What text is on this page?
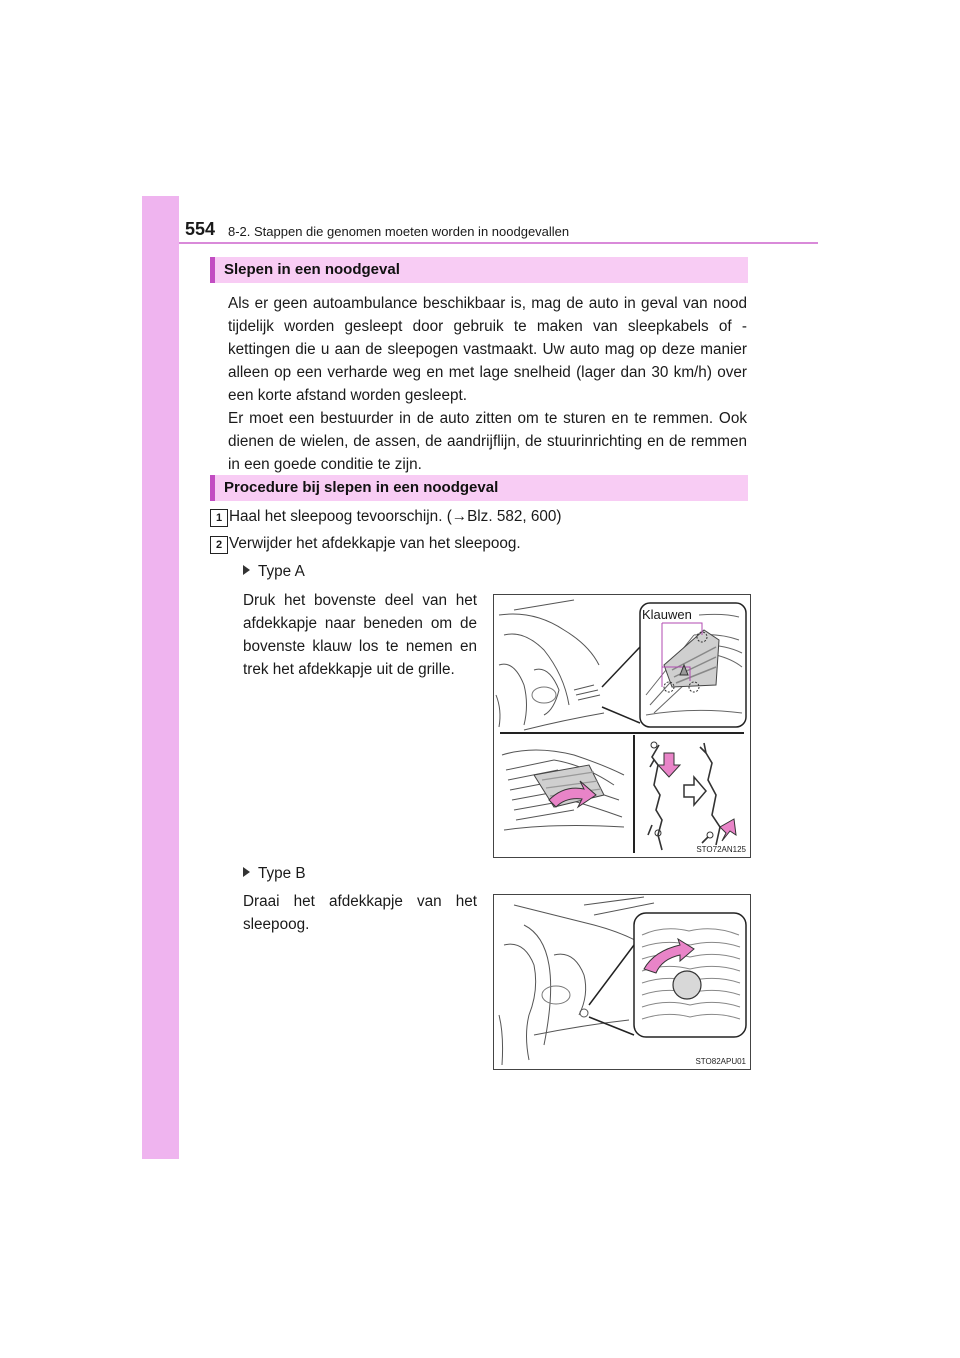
554 8-2. Stappen die genomen moeten worden in noodgevallen
Slepen in een noodgeval

Als er geen autoambulance beschikbaar is, mag de auto in geval van nood tijdelijk worden gesleept door gebruik te maken van sleepkabels of -kettingen die u aan de sleepogen vastmaakt. Uw auto mag op deze manier alleen op een verharde weg en met lage snelheid (lager dan 30 km/h) over een korte afstand worden gesleept.

Er moet een bestuurder in de auto zitten om te sturen en te remmen. Ook dienen de wielen, de assen, de aandrijflijn, de stuurinrichting en de remmen in een goede conditie te zijn.

Procedure bij slepen in een noodgeval
1 Haal het sleepoog tevoorschijn. (→Blz. 582, 600)
2 Verwijder het afdekkapje van het sleepoog.
Type A

Druk het bovenste deel van het afdekkapje naar beneden om de bovenste klauw los te nemen en trek het afdekkapje uit de grille.

Klauwen
STO72AN125
Type B

Draai het afdekkapje van het sleepoog.

STO82APU01
